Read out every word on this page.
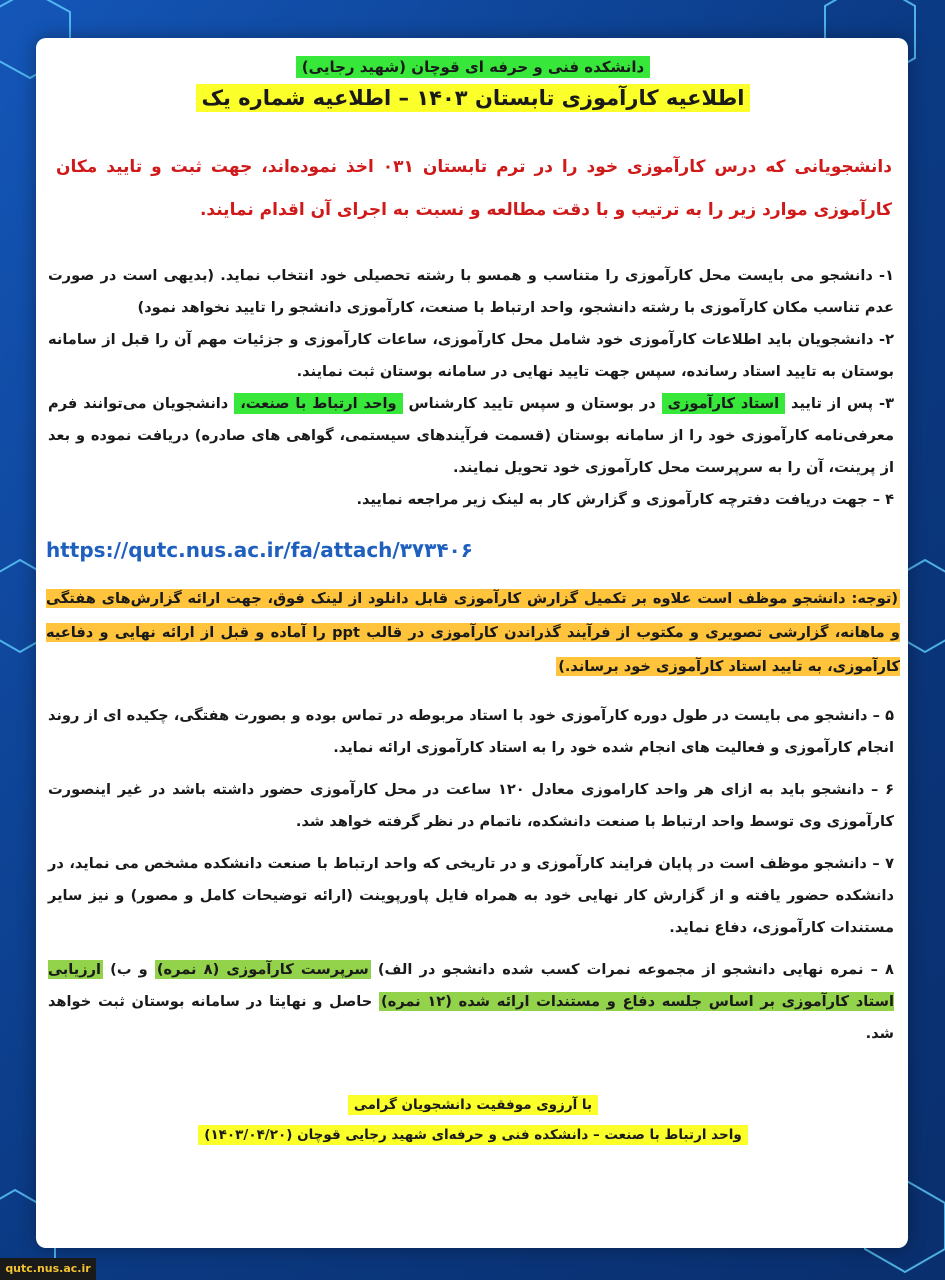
دانشکده فنی و حرفه ای قوچان (شهید رجایی)
اطلاعیه کارآموزی تابستان ۱۴۰۳ – اطلاعیه شماره یک
دانشجویانی که درس کارآموزی خود را در ترم تابستان ۰۳۱ اخذ نموده‌اند، جهت ثبت و تایید مکان کارآموزی موارد زیر را به ترتیب و با دقت مطالعه و نسبت به اجرای آن اقدام نمایند.
۱- دانشجو می بایست محل کارآموزی را متناسب و همسو با رشته تحصیلی خود انتخاب نماید. (بدیهی است در صورت عدم تناسب مکان کارآموزی با رشته دانشجو، واحد ارتباط با صنعت، کارآموزی دانشجو را تایید نخواهد نمود)
۲- دانشجویان باید اطلاعات کارآموزی خود شامل محل کارآموزی، ساعات کارآموزی و جزئیات مهم آن را قبل از سامانه بوستان به تایید استاد رسانده، سپس جهت تایید نهایی در سامانه بوستان ثبت نمایند.
۳- پس از تایید استاد کارآموزی در بوستان و سپس تایید کارشناس واحد ارتباط با صنعت، دانشجویان می‌توانند فرم معرفی‌نامه کارآموزی خود را از سامانه بوستان (قسمت فرآیندهای سیستمی، گواهی های صادره) دریافت نموده و بعد از پرینت، آن را به سرپرست محل کارآموزی خود تحویل نمایند.
۴ – جهت دریافت دفترچه کارآموزی و گزارش کار به لینک زیر مراجعه نمایید.
https://qutc.nus.ac.ir/fa/attach/۳۷۳۴۰۶
(توجه: دانشجو موظف است علاوه بر تکمیل گزارش کارآموزی قابل دانلود از لینک فوق، جهت ارائه گزارش‌های هفتگی و ماهانه، گزارشی تصویری و مکتوب از فرآیند گذراندن کارآموزی در قالب ppt را آماده و قبل از ارائه نهایی و دفاعیه کارآموزی، به تایید استاد کارآموزی خود برساند.)
۵ – دانشجو می بایست در طول دوره کارآموزی خود با استاد مربوطه در تماس بوده و بصورت هفتگی، چکیده ای از روند انجام کارآموزی و فعالیت های انجام شده خود را به استاد کارآموزی ارائه نماید.
۶ – دانشجو باید به ازای هر واحد کاراموزی معادل ۱۲۰ ساعت در محل کارآموزی حضور داشته باشد در غیر اینصورت کارآموزی وی توسط واحد ارتباط با صنعت دانشکده، ناتمام در نظر گرفته خواهد شد.
۷ – دانشجو موظف است در پایان فرایند کارآموزی و در تاریخی که واحد ارتباط با صنعت دانشکده مشخص می نماید، در دانشکده حضور یافته و از گزارش کار نهایی خود به همراه فایل پاورپوینت (ارائه توضیحات کامل و مصور) و نیز سایر مستندات کارآموزی، دفاع نماید.
۸ – نمره نهایی دانشجو از مجموعه نمرات کسب شده دانشجو در الف) سرپرست کارآموزی (۸ نمره) و ب) ارزیابی استاد کارآموزی بر اساس جلسه دفاع و مستندات ارائه شده (۱۲ نمره) حاصل و نهایتا در سامانه بوستان ثبت خواهد شد.
با آرزوی موفقیت دانشجویان گرامی
واحد ارتباط با صنعت – دانشکده فنی و حرفه‌ای شهید رجایی قوچان (۱۴۰۳/۰۴/۲۰)
qutc.nus.ac.ir
